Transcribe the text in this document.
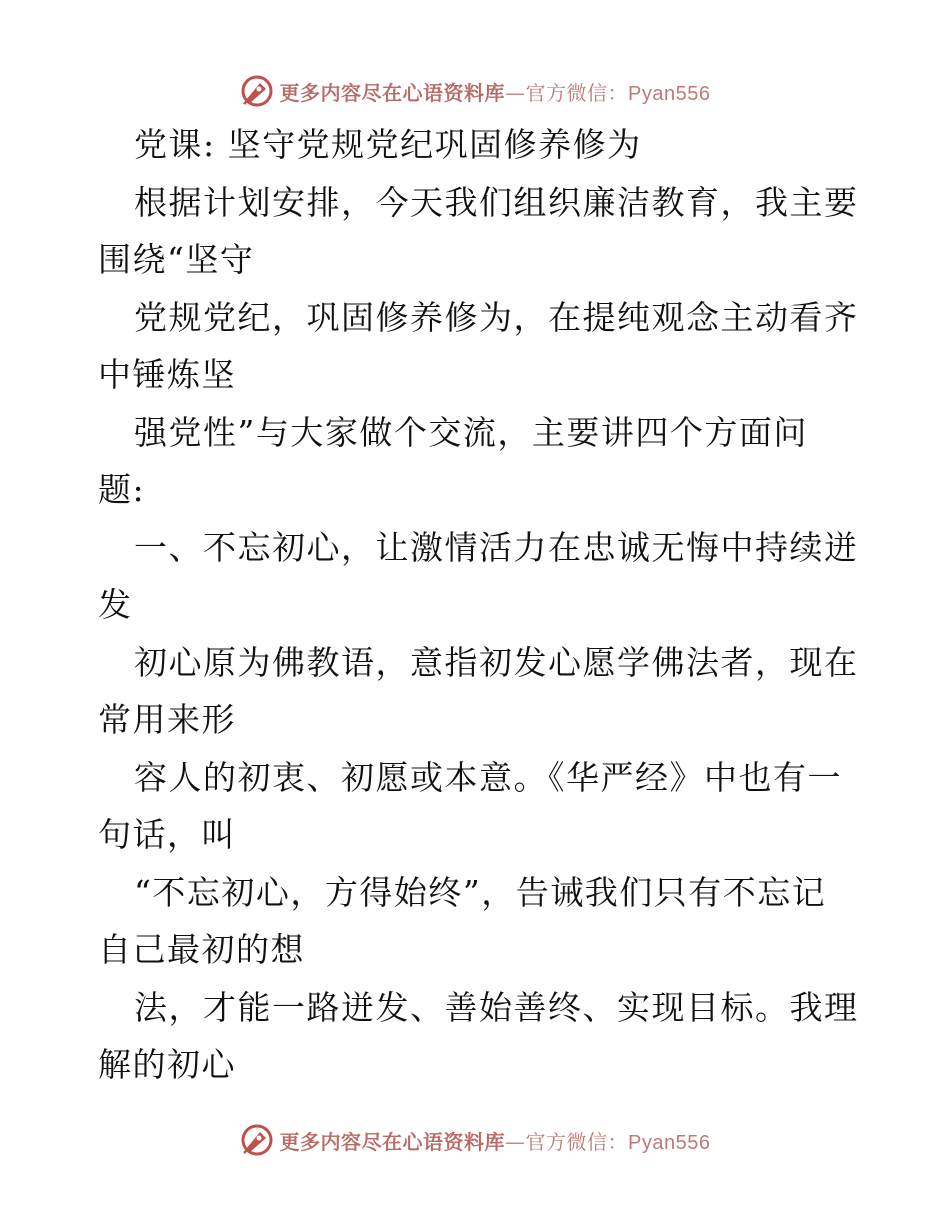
更多内容尽在心语资料库—官方微信：Pyan556
党课: 坚守党规党纪巩固修养修为
根据计划安排，今天我们组织廉洁教育，我主要
围绕“坚守
党规党纪，巩固修养修为，在提纯观念主动看齐
中锤炼坚
强党性”与大家做个交流，主要讲四个方面问
题:
一、不忘初心，让激情活力在忠诚无悔中持续迸
发
初心原为佛教语，意指初发心愿学佛法者，现在
常用来形
容人的初衷、初愿或本意。《华严经》中也有一
句话，叫
“不忘初心，方得始终”，告诫我们只有不忘记
自己最初的想
法，才能一路迸发、善始善终、实现目标。我理
解的初心
更多内容尽在心语资料库—官方微信：Pyan556
